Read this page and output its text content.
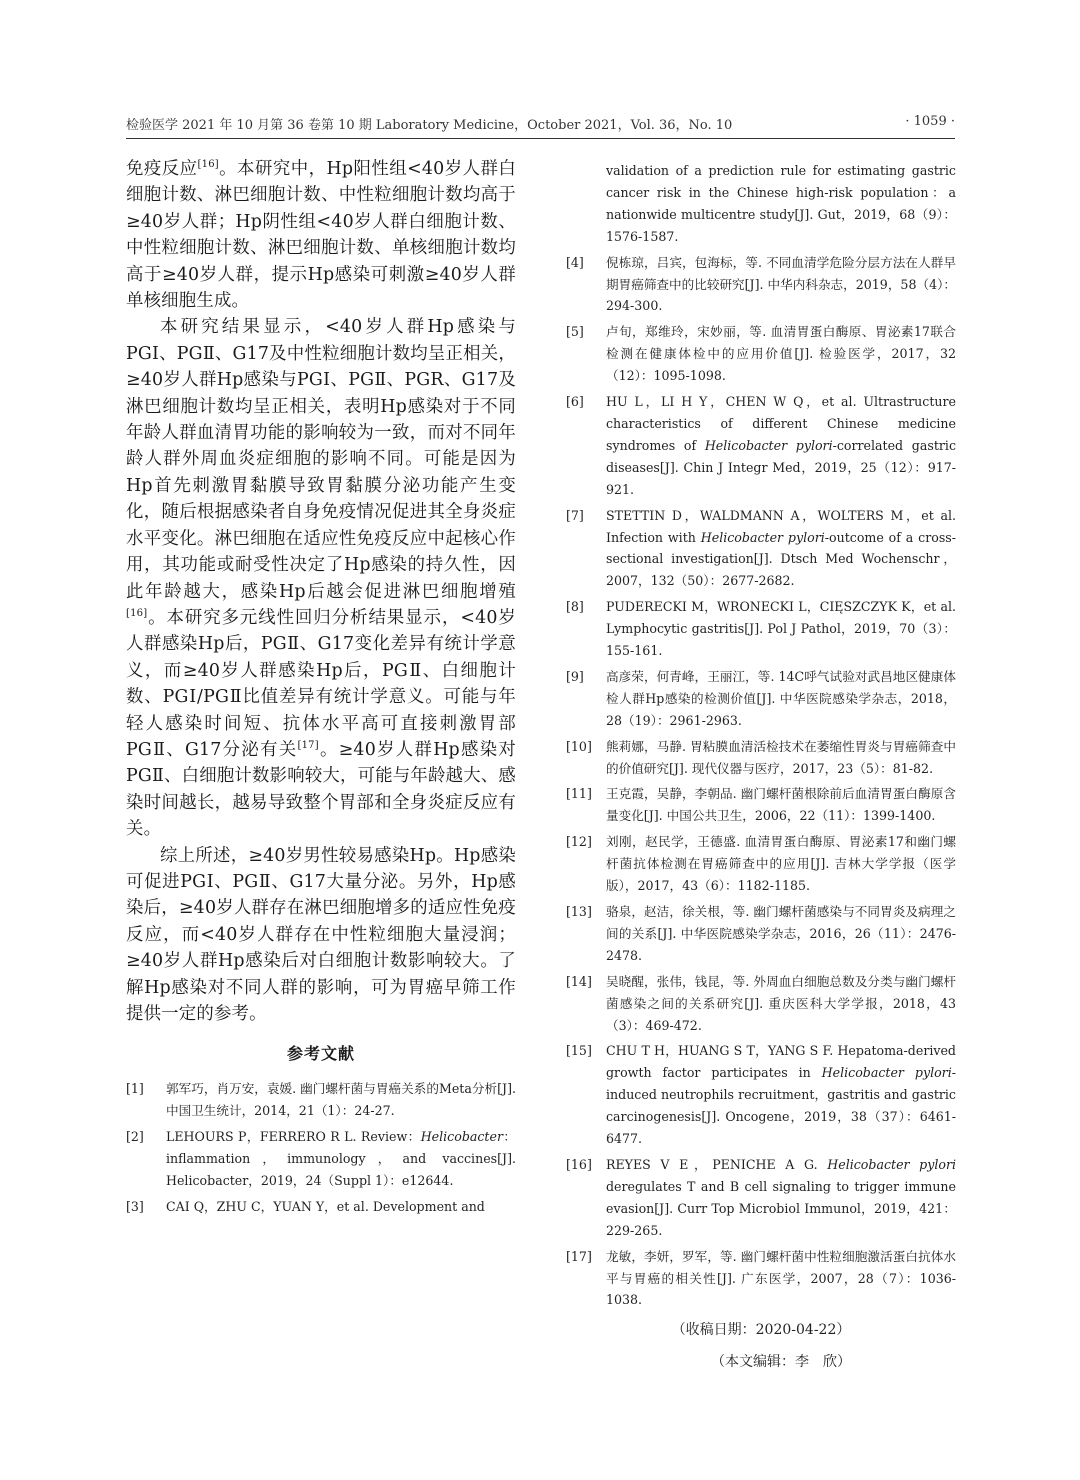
检验医学 2021 年 10 月第 36 卷第 10 期 Laboratory Medicine，October 2021，Vol. 36，No. 10	· 1059 ·

免疫反应[16]。本研究中，Hp阳性组<40岁人群白细胞计数、淋巴细胞计数、中性粒细胞计数均高于≥40岁人群；Hp阴性组<40岁人群白细胞计数、中性粒细胞计数、淋巴细胞计数、单核细胞计数均高于≥40岁人群，提示Hp感染可刺激≥40岁人群单核细胞生成。

本研究结果显示，<40岁人群Hp感染与PGⅠ、PGⅡ、G17及中性粒细胞计数均呈正相关，≥40岁人群Hp感染与PGⅠ、PGⅡ、PGR、G17及淋巴细胞计数均呈正相关，表明Hp感染对于不同年龄人群血清胃功能的影响较为一致，而对不同年龄人群外周血炎症细胞的影响不同。可能是因为Hp首先刺激胃黏膜导致胃黏膜分泌功能产生变化，随后根据感染者自身免疫情况促进其全身炎症水平变化。淋巴细胞在适应性免疫反应中起核心作用，其功能或耐受性决定了Hp感染的持久性，因此年龄越大，感染Hp后越会促进淋巴细胞增殖[16]。本研究多元线性回归分析结果显示，<40岁人群感染Hp后，PGⅡ、G17变化差异有统计学意义，而≥40岁人群感染Hp后，PGⅡ、白细胞计数、PGⅠ/PGⅡ比值差异有统计学意义。可能与年轻人感染时间短、抗体水平高可直接刺激胃部PGⅡ、G17分泌有关[17]。≥40岁人群Hp感染对PGⅡ、白细胞计数影响较大，可能与年龄越大、感染时间越长，越易导致整个胃部和全身炎症反应有关。

综上所述，≥40岁男性较易感染Hp。Hp感染可促进PGⅠ、PGⅡ、G17大量分泌。另外，Hp感染后，≥40岁人群存在淋巴细胞增多的适应性免疫反应，而<40岁人群存在中性粒细胞大量浸润；≥40岁人群Hp感染后对白细胞计数影响较大。了解Hp感染对不同人群的影响，可为胃癌早筛工作提供一定的参考。

参考文献
[1] 郭军巧，肖万安，袁媛. 幽门螺杆菌与胃癌关系的Meta分析[J]. 中国卫生统计，2014，21（1）：24-27.
[2] LEHOURS P，FERRERO R L. Review：Helicobacter：inflammation，immunology，and vaccines[J]. Helicobacter，2019，24（Suppl 1）：e12644.
[3] CAI Q，ZHU C，YUAN Y，et al. Development and
validation of a prediction rule for estimating gastric cancer risk in the Chinese high-risk population：a nationwide multicentre study[J]. Gut，2019，68（9）：1576-1587.
[4] 倪栋琼，吕宾，包海标，等. 不同血清学危险分层方法在人群早期胃癌筛查中的比较研究[J]. 中华内科杂志，2019，58（4）：294-300.
[5] 卢旬，郑维玲，宋妙丽，等. 血清胃蛋白酶原、胃泌素17联合检测在健康体检中的应用价值[J]. 检验医学，2017，32（12）：1095-1098.
[6] HU L，LI H Y，CHEN W Q，et al. Ultrastructure characteristics of different Chinese medicine syndromes of Helicobacter pylori-correlated gastric diseases[J]. Chin J Integr Med，2019，25（12）：917-921.
[7] STETTIN D，WALDMANN A，WOLTERS M，et al. Infection with Helicobacter pylori-outcome of a cross-sectional investigation[J]. Dtsch Med Wochenschr，2007，132（50）：2677-2682.
[8] PUDERECKI M，WRONECKI L，CIĘSZCZYK K，et al. Lymphocytic gastritis[J]. Pol J Pathol，2019，70（3）：155-161.
[9] 高彦荣，何青峰，王丽江，等. 14C呼气试验对武昌地区健康体检人群Hp感染的检测价值[J]. 中华医院感染学杂志，2018，28（19）：2961-2963.
[10] 熊莉娜，马静. 胃粘膜血清活检技术在萎缩性胃炎与胃癌筛查中的价值研究[J]. 现代仪器与医疗，2017，23（5）：81-82.
[11] 王克霞，吴静，李朝品. 幽门螺杆菌根除前后血清胃蛋白酶原含量变化[J]. 中国公共卫生，2006，22（11）：1399-1400.
[12] 刘刚，赵民学，王德盛. 血清胃蛋白酶原、胃泌素17和幽门螺杆菌抗体检测在胃癌筛查中的应用[J]. 吉林大学学报（医学版），2017，43（6）：1182-1185.
[13] 骆泉，赵洁，徐关根，等. 幽门螺杆菌感染与不同胃炎及病理之间的关系[J]. 中华医院感染学杂志，2016，26（11）：2476-2478.
[14] 吴晓醒，张伟，钱昆，等. 外周血白细胞总数及分类与幽门螺杆菌感染之间的关系研究[J]. 重庆医科大学学报，2018，43（3）：469-472.
[15] CHU T H，HUANG S T，YANG S F. Hepatoma-derived growth factor participates in Helicobacter pylori-induced neutrophils recruitment，gastritis and gastric carcinogenesis[J]. Oncogene，2019，38（37）：6461-6477.
[16] REYES V E，PENICHE A G. Helicobacter pylori deregulates T and B cell signaling to trigger immune evasion[J]. Curr Top Microbiol Immunol，2019，421：229-265.
[17] 龙敏，李妍，罗军，等. 幽门螺杆菌中性粒细胞激活蛋白抗体水平与胃癌的相关性[J]. 广东医学，2007，28（7）：1036-1038.
（收稿日期：2020-04-22）
（本文编辑：李　欣）
